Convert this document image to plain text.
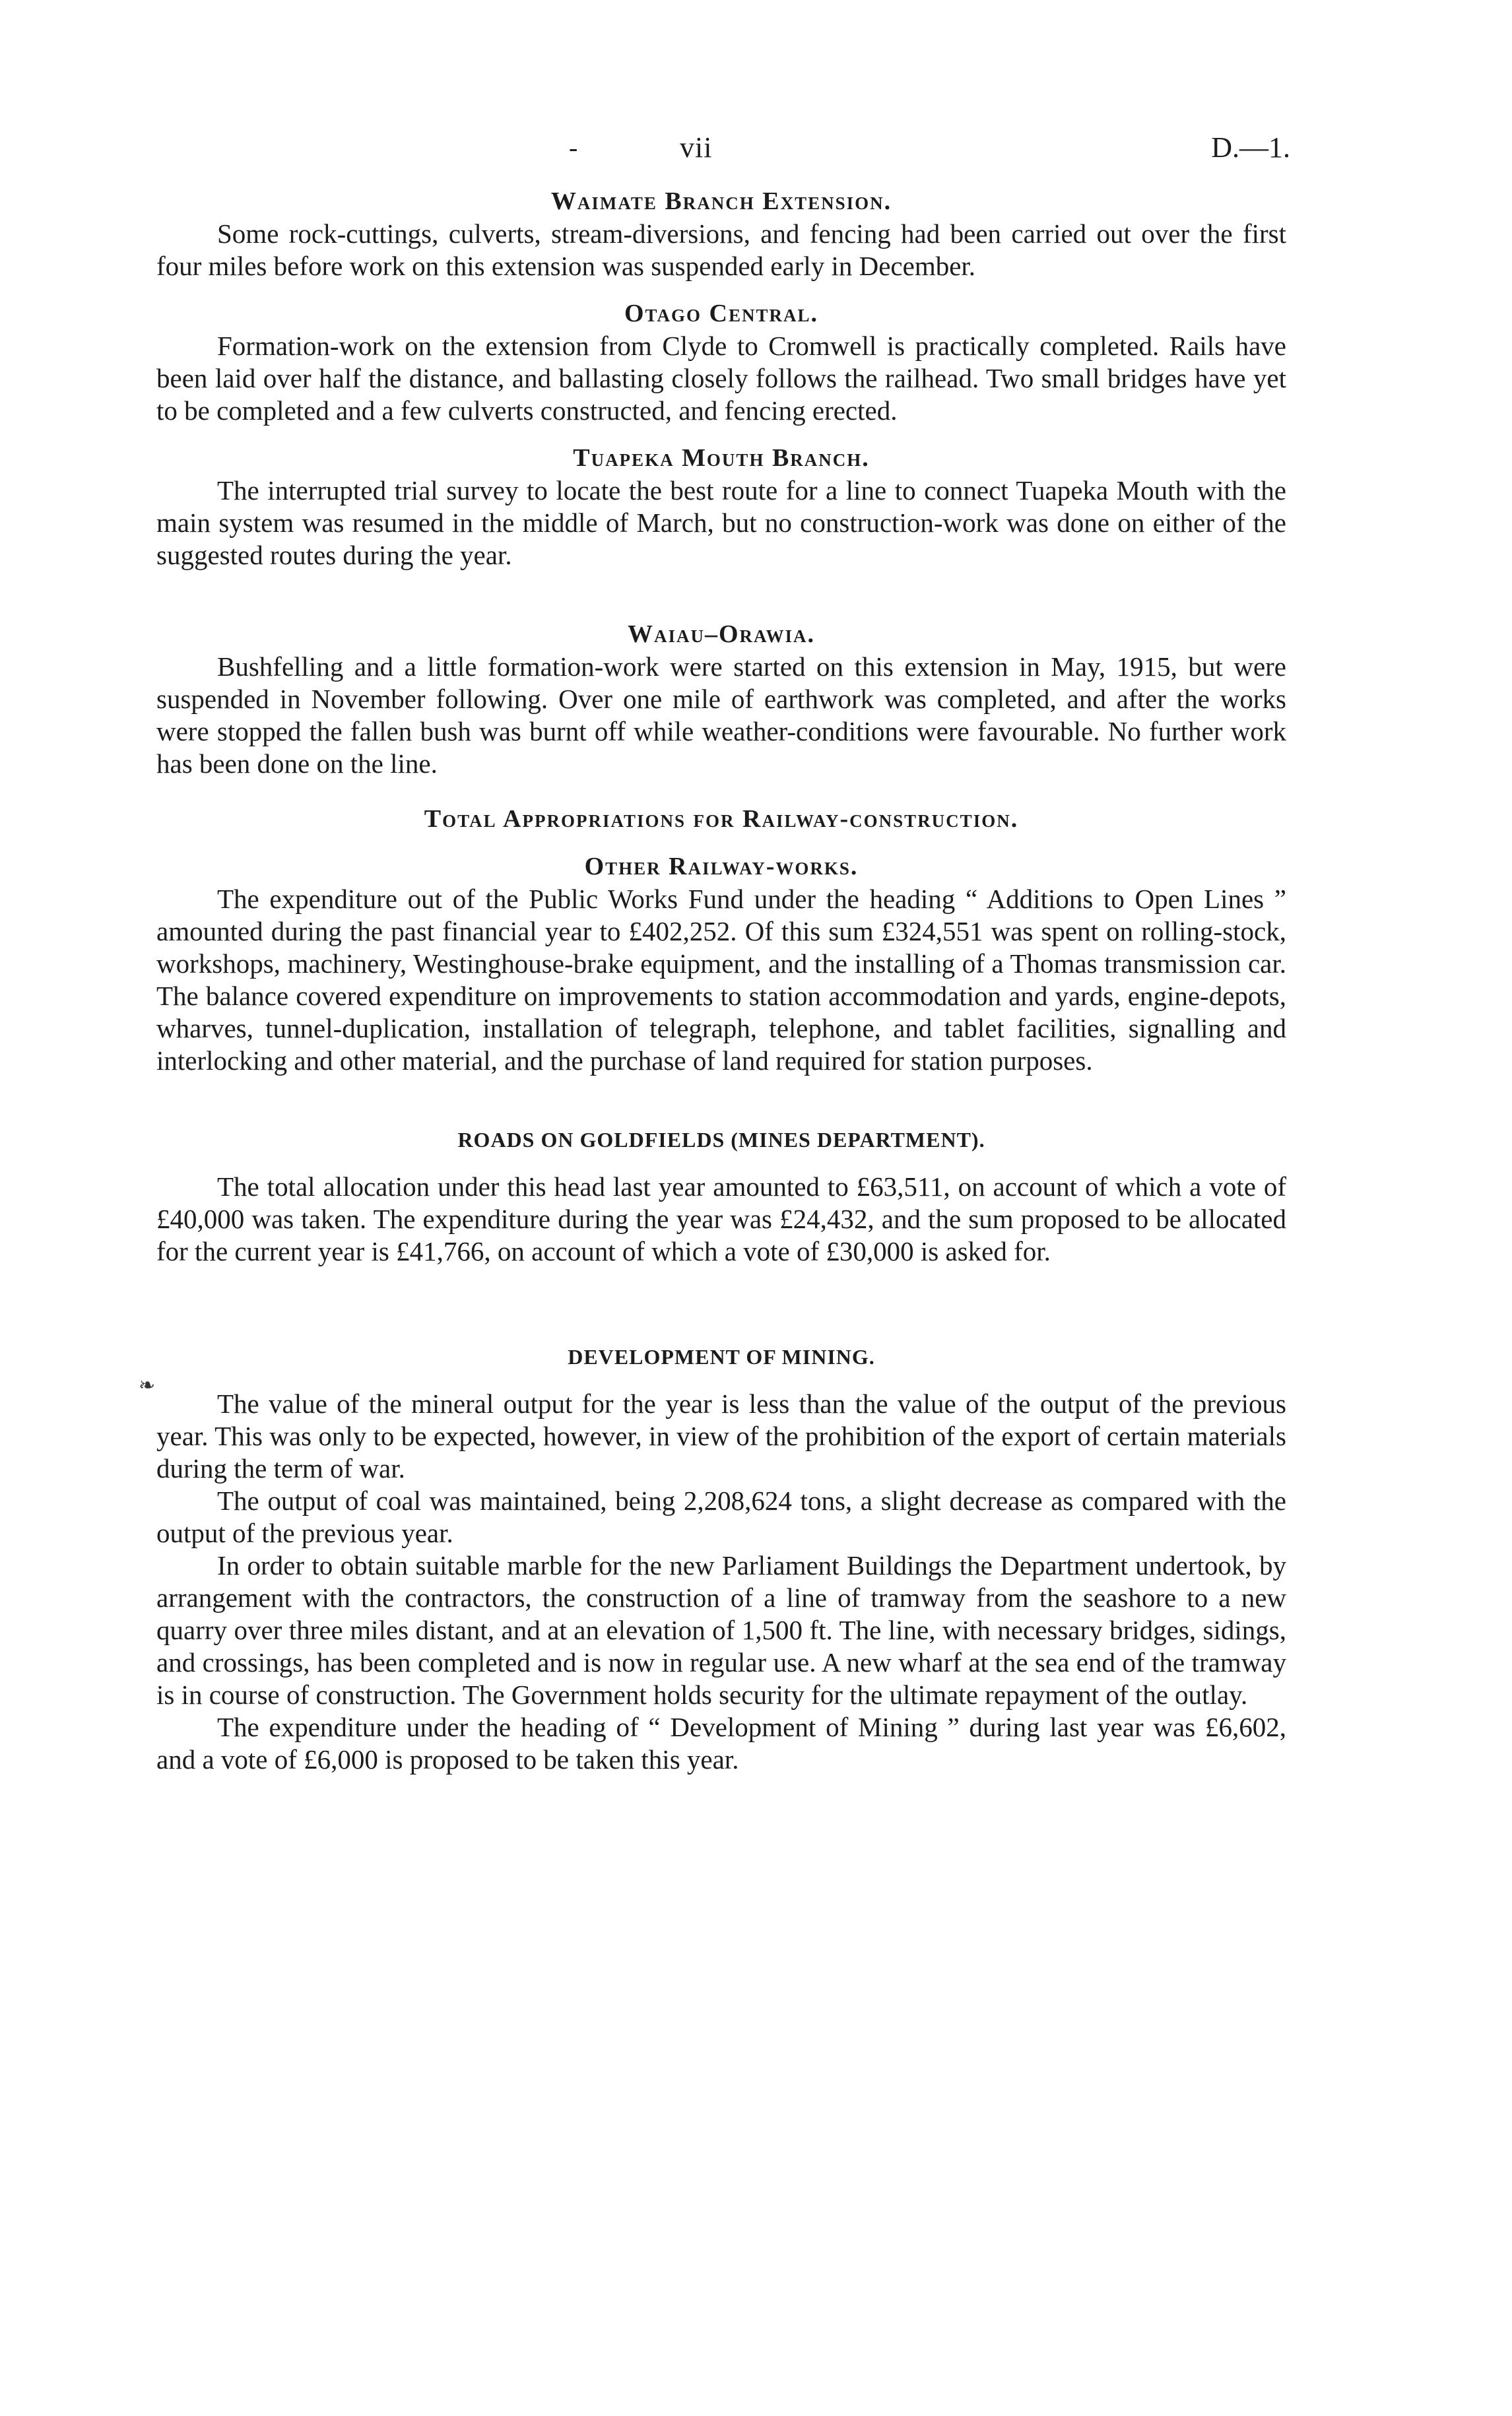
-	vii	D.—1.
❧
Waimate Branch Extension.

Some rock-cuttings, culverts, stream-diversions, and fencing had been carried out over the first four miles before work on this extension was suspended early in December.

Otago Central.

Formation-work on the extension from Clyde to Cromwell is practically completed. Rails have been laid over half the distance, and ballasting closely follows the railhead. Two small bridges have yet to be completed and a few culverts constructed, and fencing erected.

Tuapeka Mouth Branch.

The interrupted trial survey to locate the best route for a line to connect Tuapeka Mouth with the main system was resumed in the middle of March, but no construction-work was done on either of the suggested routes during the year.

Waiau–Orawia.

Bushfelling and a little formation-work were started on this extension in May, 1915, but were suspended in November following. Over one mile of earthwork was completed, and after the works were stopped the fallen bush was burnt off while weather-conditions were favourable. No further work has been done on the line.

Total Appropriations for Railway-construction.
Other Railway-works.

The expenditure out of the Public Works Fund under the heading “ Additions to Open Lines ” amounted during the past financial year to £402,252. Of this sum £324,551 was spent on rolling-stock, workshops, machinery, Westinghouse-brake equipment, and the installing of a Thomas transmission car. The balance covered expenditure on improvements to station accommodation and yards, engine-depots, wharves, tunnel-duplication, installation of telegraph, telephone, and tablet facilities, signalling and interlocking and other material, and the purchase of land required for station purposes.

ROADS ON GOLDFIELDS (MINES DEPARTMENT).

The total allocation under this head last year amounted to £63,511, on account of which a vote of £40,000 was taken. The expenditure during the year was £24,432, and the sum proposed to be allocated for the current year is £41,766, on account of which a vote of £30,000 is asked for.

DEVELOPMENT OF MINING.

The value of the mineral output for the year is less than the value of the output of the previous year. This was only to be expected, however, in view of the prohibition of the export of certain materials during the term of war.

The output of coal was maintained, being 2,208,624 tons, a slight decrease as compared with the output of the previous year.

In order to obtain suitable marble for the new Parliament Buildings the Department undertook, by arrangement with the contractors, the construction of a line of tramway from the seashore to a new quarry over three miles distant, and at an elevation of 1,500 ft. The line, with necessary bridges, sidings, and crossings, has been completed and is now in regular use. A new wharf at the sea end of the tramway is in course of construction. The Government holds security for the ultimate repayment of the outlay.

The expenditure under the heading of “ Development of Mining ” during last year was £6,602, and a vote of £6,000 is proposed to be taken this year.
